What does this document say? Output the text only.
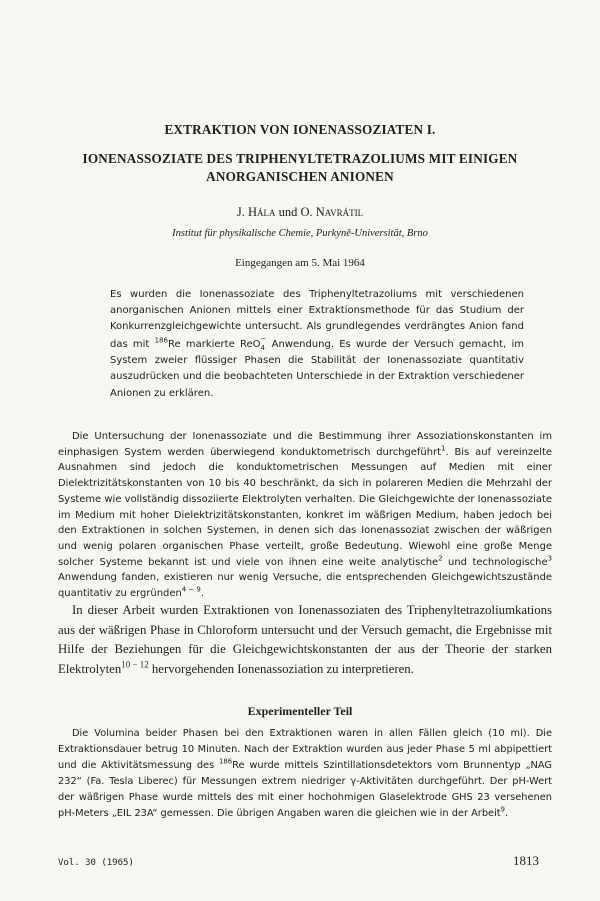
EXTRAKTION VON IONENASSOZIATEN I.
IONENASSOZIATE DES TRIPHENYLTETRAZOLIUMS MIT EINIGEN ANORGANISCHEN ANIONEN
J. Hála und O. Navrátil
Institut für physikalische Chemie, Purkyně-Universität, Brno
Eingegangen am 5. Mai 1964

Es wurden die Ionenassoziate des Triphenyltetrazoliums mit verschiedenen anorganischen Anionen mittels einer Extraktionsmethode für das Studium der Konkurrenzgleichgewichte untersucht. Als grundlegendes verdrängtes Anion fand das mit $^{186}$Re markierte ReO −
4 Anwendung. Es wurde der Versuch gemacht, im System zweier flüssiger Phasen die Stabilität der Ionenassoziate quantitativ auszudrücken und die beobachteten Unterschiede in der Extraktion verschiedener Anionen zu erklären.

Die Untersuchung der Ionenassoziate und die Bestimmung ihrer Assoziationskonstanten im einphasigen System werden überwiegend konduktometrisch durchgeführt$^1$. Bis auf vereinzelte Ausnahmen sind jedoch die konduktometrischen Messungen auf Medien mit einer Dielektrizitätskonstanten von 10 bis 40 beschränkt, da sich in polareren Medien die Mehrzahl der Systeme wie vollständig dissoziierte Elektrolyten verhalten. Die Gleichgewichte der Ionenassoziate im Medium mit hoher Dielektrizitätskonstanten, konkret im wäßrigen Medium, haben jedoch bei den Extraktionen in solchen Systemen, in denen sich das Ionenassoziat zwischen der wäßrigen und wenig polaren organischen Phase verteilt, große Bedeutung. Wiewohl eine große Menge solcher Systeme bekannt ist und viele von ihnen eine weite analytische$^2$ und technologische$^3$ Anwendung fanden, existieren nur wenig Versuche, die entsprechenden Gleichgewichtszustände quantitativ zu ergründen$^{4 - 9}$.

In dieser Arbeit wurden Extraktionen von Ionenassoziaten des Triphenyltetrazoliumkations aus der wäßrigen Phase in Chloroform untersucht und der Versuch gemacht, die Ergebnisse mit Hilfe der Beziehungen für die Gleichgewichtskonstanten der aus der Theorie der starken Elektrolyten$^{10 - 12}$ hervorgehenden Ionenassoziation zu interpretieren.

Experimenteller Teil

Die Volumina beider Phasen bei den Extraktionen waren in allen Fällen gleich (10 ml). Die Extraktionsdauer betrug 10 Minuten. Nach der Extraktion wurden aus jeder Phase 5 ml abpipettiert und die Aktivitätsmessung des $^{186}$Re wurde mittels Szintillationsdetektors vom Brunnentyp „NAG 232“ (Fa. Tesla Liberec) für Messungen extrem niedriger γ-Aktivitäten durchgeführt. Der pH-Wert der wäßrigen Phase wurde mittels des mit einer hochohmigen Glaselektrode GHS 23 versehenen pH-Meters „EIL 23A“ gemessen. Die übrigen Angaben waren die gleichen wie in der Arbeit$^9$.

Vol. 30 (1965)	1813
